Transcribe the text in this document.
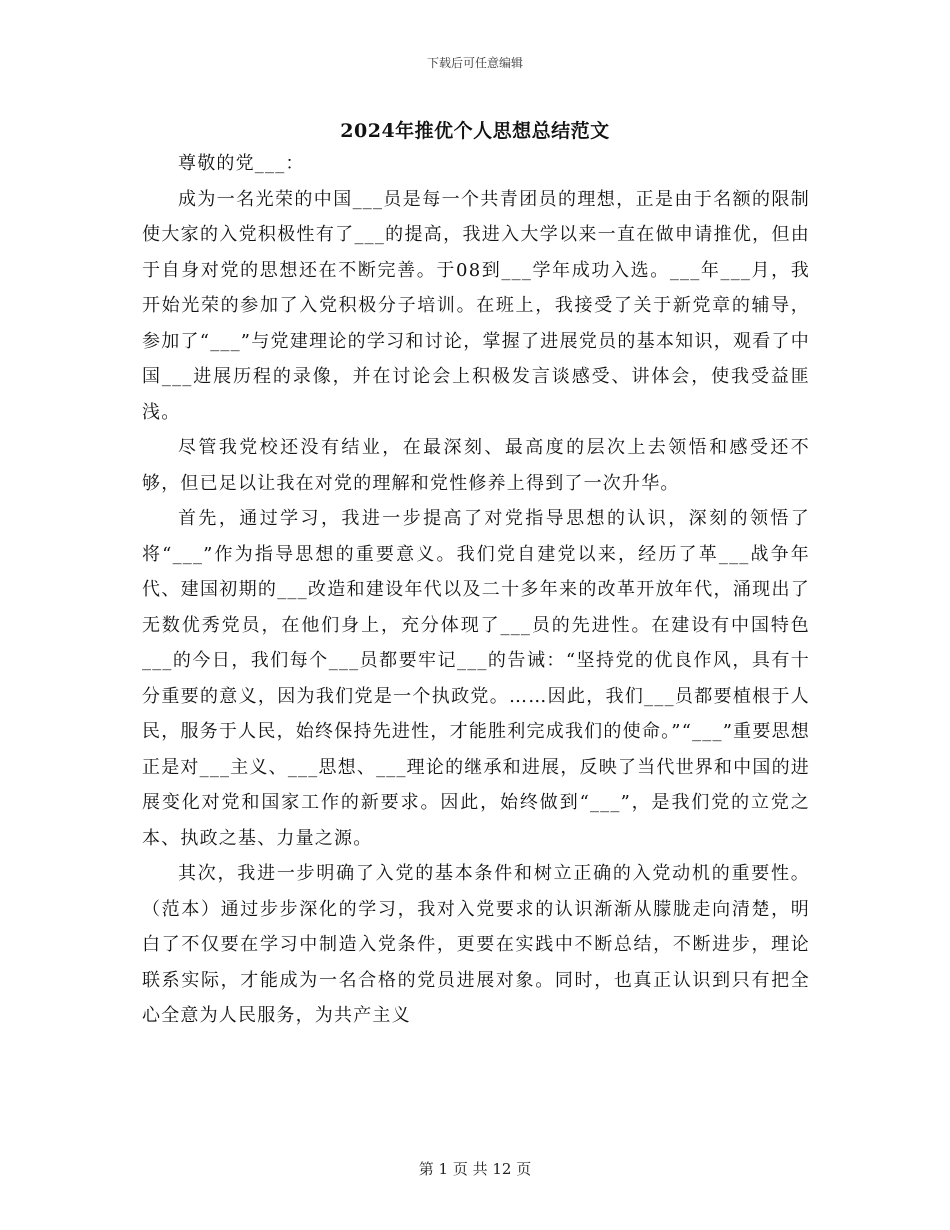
下载后可任意编辑
2024年推优个人思想总结范文

尊敬的党___：

成为一名光荣的中国___员是每一个共青团员的理想，正是由于名额的限制使大家的入党积极性有了___的提高，我进入大学以来一直在做申请推优，但由于自身对党的思想还在不断完善。于08到___学年成功入选。___年___月，我开始光荣的参加了入党积极分子培训。在班上，我接受了关于新党章的辅导，参加了“___”与党建理论的学习和讨论，掌握了进展党员的基本知识，观看了中国___进展历程的录像，并在讨论会上积极发言谈感受、讲体会，使我受益匪浅。

尽管我党校还没有结业，在最深刻、最高度的层次上去领悟和感受还不够，但已足以让我在对党的理解和党性修养上得到了一次升华。

首先，通过学习，我进一步提高了对党指导思想的认识，深刻的领悟了将“___”作为指导思想的重要意义。我们党自建党以来，经历了革___战争年代、建国初期的___改造和建设年代以及二十多年来的改革开放年代，涌现出了无数优秀党员，在他们身上，充分体现了___员的先进性。在建设有中国特色___的今日，我们每个___员都要牢记___的告诫：“坚持党的优良作风，具有十分重要的意义，因为我们党是一个执政党。……因此，我们___员都要植根于人民，服务于人民，始终保持先进性，才能胜利完成我们的使命。”“___”重要思想正是对___主义、___思想、___理论的继承和进展，反映了当代世界和中国的进展变化对党和国家工作的新要求。因此，始终做到“___”，是我们党的立党之本、执政之基、力量之源。

其次，我进一步明确了入党的基本条件和树立正确的入党动机的重要性。（范本）通过步步深化的学习，我对入党要求的认识渐渐从朦胧走向清楚，明白了不仅要在学习中制造入党条件，更要在实践中不断总结，不断进步，理论联系实际，才能成为一名合格的党员进展对象。同时，也真正认识到只有把全心全意为人民服务，为共产主义

第 1 页 共 12 页
